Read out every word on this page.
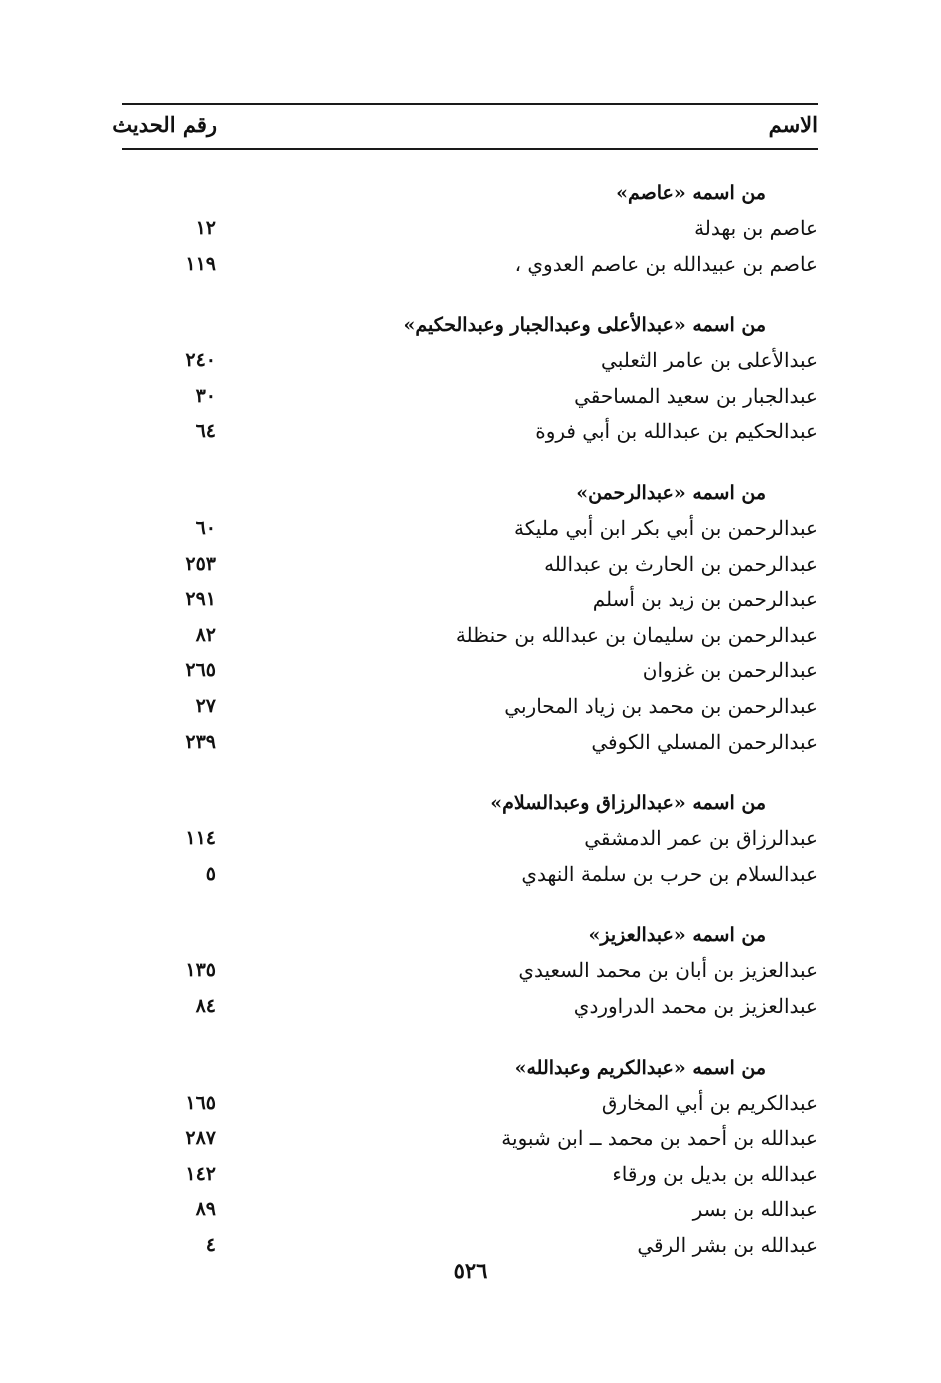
الاسم
رقم الحديث
من اسمه «عاصم»
عاصم بن بهدلة
١٢
عاصم بن عبيدالله بن عاصم العدوي ،
١١٩
من اسمه «عبدالأعلى وعبدالجبار وعبدالحكيم»
عبدالأعلى بن عامر الثعلبي
٢٤٠
عبدالجبار بن سعيد المساحقي
٣٠
عبدالحكيم بن عبدالله بن أبي فروة
٦٤
من اسمه «عبدالرحمن»
عبدالرحمن بن أبي بكر ابن أبي مليكة
٦٠
عبدالرحمن بن الحارث بن عبدالله
٢٥٣
عبدالرحمن بن زيد بن أسلم
٢٩١
عبدالرحمن بن سليمان بن عبدالله بن حنظلة
٨٢
عبدالرحمن بن غزوان
٢٦٥
عبدالرحمن بن محمد بن زياد المحاربي
٢٧
عبدالرحمن المسلي الكوفي
٢٣٩
من اسمه «عبدالرزاق وعبدالسلام»
عبدالرزاق بن عمر الدمشقي
١١٤
عبدالسلام بن حرب بن سلمة النهدي
٥
من اسمه «عبدالعزيز»
عبدالعزيز بن أبان بن محمد السعيدي
١٣٥
عبدالعزيز بن محمد الدراوردي
٨٤
من اسمه «عبدالكريم وعبدالله»
عبدالكريم بن أبي المخارق
١٦٥
عبدالله بن أحمد بن محمد ــ ابن شبوية
٢٨٧
عبدالله بن بديل بن ورقاء
١٤٢
عبدالله بن بسر
٨٩
عبدالله بن بشر الرقي
٤
٥٢٦
